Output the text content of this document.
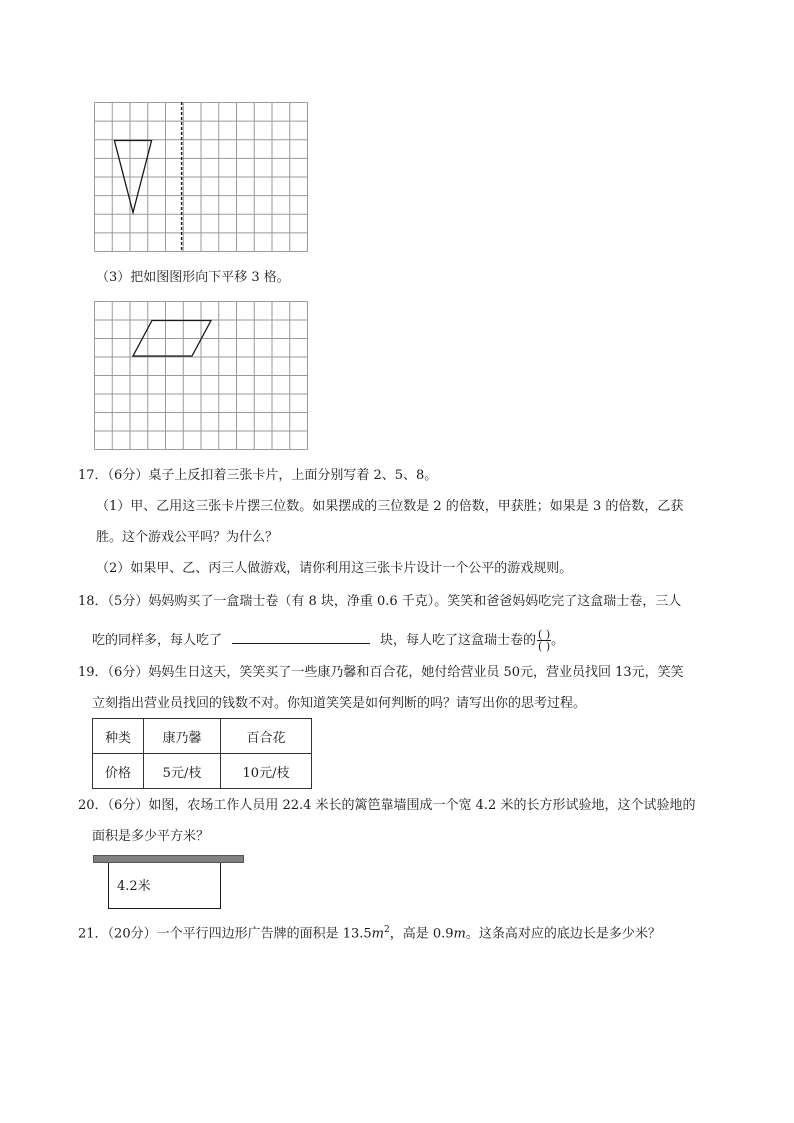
（3）把如图图形向下平移 3 格。
17．（6分）桌子上反扣着三张卡片，上面分别写着 2、5、8。
（1）甲、乙用这三张卡片摆三位数。如果摆成的三位数是 2 的倍数，甲获胜；如果是 3 的倍数，乙获
胜。这个游戏公平吗？为什么？
（2）如果甲、乙、丙三人做游戏，请你利用这三张卡片设计一个公平的游戏规则。
18．（5分）妈妈购买了一盒瑞士卷（有 8 块，净重 0.6 千克）。笑笑和爸爸妈妈吃完了这盒瑞士卷，三人
吃的同样多，每人吃了	块，每人吃了这盒瑞士卷的 $\frac{( )}{( )}$ 。
19．（6分）妈妈生日这天，笑笑买了一些康乃馨和百合花，她付给营业员 50元，营业员找回 13元，笑笑
立刻指出营业员找回的钱数不对。你知道笑笑是如何判断的吗？请写出你的思考过程。
种类	康乃馨	百合花
价格	5元/枝	10元/枝
20．（6分）如图，农场工作人员用 22.4 米长的篱笆靠墙围成一个宽 4.2 米的长方形试验地，这个试验地的
面积是多少平方米？
4.2米
21．（20分）一个平行四边形广告牌的面积是 $13.5m^2$，高是 0.9m。这条高对应的底边长是多少米？
